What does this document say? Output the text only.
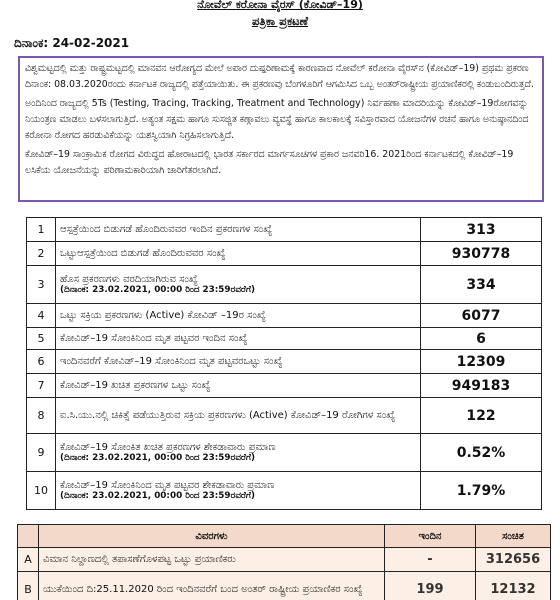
ನೋವೆಲ್ ಕರೋನಾ ವೈರಸ್ (ಕೋವಿಡ್–19)
ಪತ್ರಿಕಾ ಪ್ರಕಟಣೆ
ದಿನಾಂಕ: 24-02-2021

ವಿಶ್ವಮಟ್ಟದಲ್ಲಿ ಮತ್ತು ರಾಷ್ಟ್ರಮಟ್ಟದಲ್ಲಿ ಮಾನವನ ಆರೋಗ್ಯದ ಮೇಲೆ ಅಪಾರ ದುಷ್ಪರಿಣಾಮಕ್ಕೆ ಕಾರಣವಾದ ನೋವೆಲ್ ಕರೋನಾ ವೈರಸ್‌ನ (ಕೋವಿಡ್–19) ಪ್ರಥಮ ಪ್ರಕರಣ ದಿನಾಂಕ: 08.03.2020ರಂದು ಕರ್ನಾಟಕ ರಾಜ್ಯದಲ್ಲಿ ಪತ್ತೆಯಾಯಿತು. ಈ ಪ್ರಕರಣವು ಬೆಂಗಳೂರಿಗೆ ಆಗಮಿಸಿದ ಒಬ್ಬ ಅಂತರ್‌ರಾಷ್ಟ್ರೀಯ ಪ್ರಯಾಣಿಕರಲ್ಲಿ ಕಂಡುಬಂದಿರುತ್ತದೆ.

ಅಂದಿನಿಂದ ರಾಜ್ಯದಲ್ಲಿ 5Ts (Testing, Tracing, Tracking, Treatment and Technology) ನಿರ್ವಹಣಾ ಮಾದರಿಯನ್ನು ಕೋವಿಡ್–19ರೋಗವನ್ನು ನಿಯಂತ್ರಣ ಮಾಡಲು ಬಳಸಲಾಗುತ್ತಿದೆ. ಅತ್ಯಂತ ಸಕ್ಷಮ ಹಾಗೂ ಸುಸಜ್ಜಿತ ಕಣ್ಗಾವಲು ವ್ಯವಸ್ಥೆ ಹಾಗೂ ಕಾಲಕಾಲಕ್ಕೆ ಸವಿಸ್ತಾರವಾದ ಯೋಜನೆಗಳ ರಚನೆ ಹಾಗೂ ಅನುಷ್ಠಾನದಿಂದ ಕರೋನಾ ರೋಗದ ಹರಡುವಿಕೆಯನ್ನು ಯಶಸ್ವಿಯಾಗಿ ನಿಗ್ರಹಿಸಲಾಗುತ್ತಿದೆ.

ಕೋವಿಡ್–19 ಸಾಂಕ್ರಾಮಿಕ ರೋಗದ ವಿರುದ್ಧದ ಹೋರಾಟದಲ್ಲಿ ಭಾರತ ಸರ್ಕಾರದ ಮಾರ್ಗಸೂಚಿಗಳ ಪ್ರಕಾರ ಜನವರಿ16. 2021ರಿಂದ ಕರ್ನಾಟಕದಲ್ಲಿ ಕೋವಿಡ್–19 ಲಸಿಕೆಯ ಯೋಜನೆಯನ್ನು ಪರಿಣಾಮಕಾರಿಯಾಗಿ ಜಾರಿಗೆತರಲಾಗಿದೆ.

1	ಆಸ್ಪತ್ರೆಯಿಂದ ಬಿಡುಗಡೆ ಹೊಂದಿರುವವರ ಇಂದಿನ ಪ್ರಕರಣಗಳ ಸಂಖ್ಯೆ	313
2	ಒಟ್ಟುಆಸ್ಪತ್ರೆಯಿಂದ ಬಿಡುಗಡೆ ಹೊಂದಿರುವವರ ಸಂಖ್ಯೆ	930778
3	ಹೊಸ ಪ್ರಕರಣಗಳು ವರದಿಯಾಗಿರುವ ಸಂಖ್ಯೆ
(ದಿನಾಂಕ: 23.02.2021, 00:00 ರಿಂದ 23:59ರವರೆಗೆ)	334
4	ಒಟ್ಟು ಸಕ್ರಿಯ ಪ್ರಕರಣಗಳು (Active) ಕೋವಿಡ್ –19ರ ಸಂಖ್ಯೆ	6077
5	ಕೋವಿಡ್–19 ಸೋಂಕಿನಿಂದ ಮೃತ ಪಟ್ಟವರ ಇಂದಿನ ಸಂಖ್ಯೆ	6
6	ಇಂದಿನವರೆಗೆ ಕೋವಿಡ್–19 ಸೋಂಕಿನಿಂದ ಮೃತ ಪಟ್ಟವರಒಟ್ಟು ಸಂಖ್ಯೆ	12309
7	ಕೋವಿಡ್–19 ಖಚಿತ ಪ್ರಕರಣಗಳ ಒಟ್ಟು ಸಂಖ್ಯೆ	949183
8	ಐ.ಸಿ.ಯು.ನಲ್ಲಿ ಚಿಕಿತ್ಸೆ ಪಡೆಯುತ್ತಿರುವ ಸಕ್ರಿಯ ಪ್ರಕರಣಗಳು (Active) ಕೋವಿಡ್–19 ರೋಗಿಗಳ ಸಂಖ್ಯೆ	122
9	ಕೋವಿಡ್–19 ಸೋಂಕಿತ ಖಚಿತ ಪ್ರಕರಣಗಳ ಶೇಕಡಾವಾರು ಪ್ರಮಾಣ
(ದಿನಾಂಕ: 23.02.2021, 00:00 ರಿಂದ 23:59ರವರೆಗೆ)	0.52%
10	ಕೋವಿಡ್–19 ಸೋಂಕಿನಿಂದ ಮೃತ ಪಟ್ಟವರ ಶೇಕಡಾವಾರು ಪ್ರಮಾಣ
(ದಿನಾಂಕ: 23.02.2021, 00:00 ರಿಂದ 23:59ರವರೆಗೆ)	1.79%
	ವಿವರಗಳು	ಇಂದಿನ	ಸಂಚಿತ
A	ವಿಮಾನ ನಿಲ್ದಾಣದಲ್ಲಿ ತಪಾಸಣೆಗೊಳಪಟ್ಟ ಒಟ್ಟು ಪ್ರಯಾಣಿಕರು	-	312656
B	ಯುಕೆಯಿಂದ ದಿ:25.11.2020 ರಿಂದ ಇಂದಿನವರೆಗೆ ಬಂದ ಅಂತರ್ ರಾಷ್ಟ್ರೀಯ ಪ್ರಯಾಣಿಕರ ಸಂಖ್ಯೆ	199	12132
